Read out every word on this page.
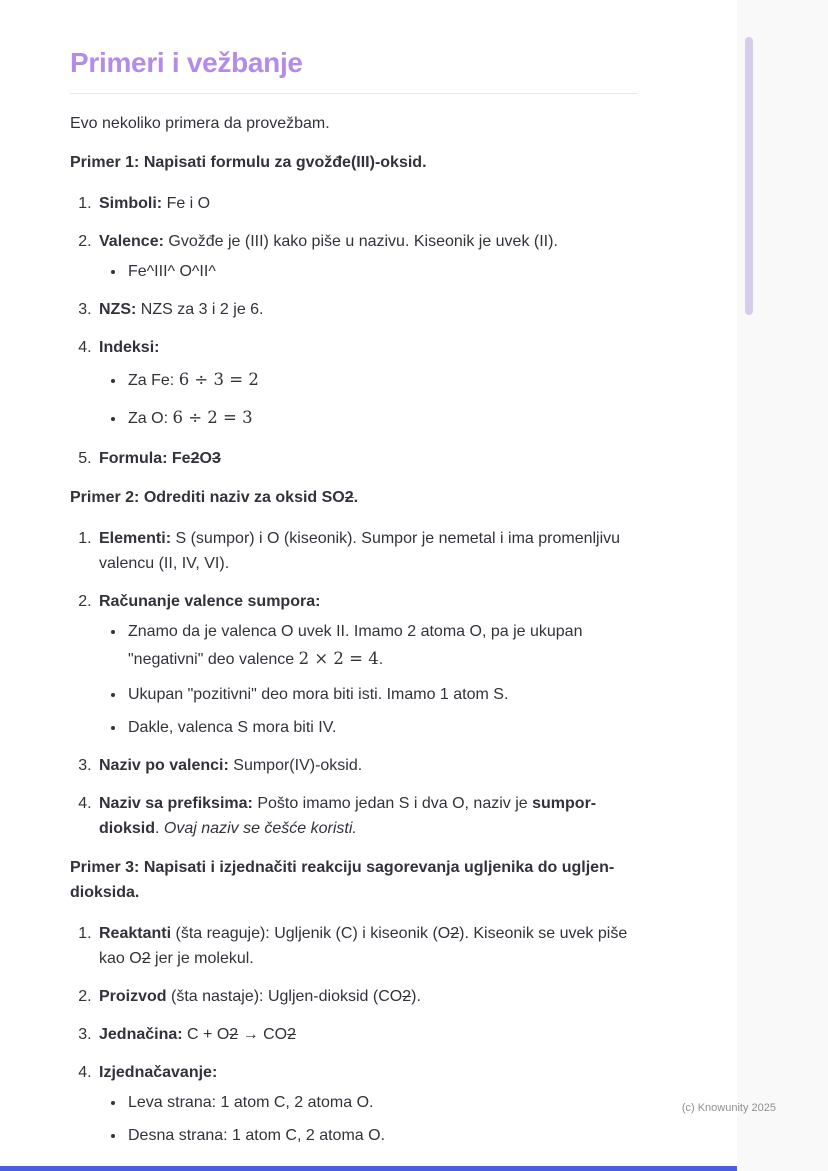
Primeri i vežbanje

Evo nekoliko primera da provežbam.

Primer 1: Napisati formulu za gvožđe(III)-oksid.
1. Simboli: Fe i O
2. Valence: Gvožđe je (III) kako piše u nazivu. Kiseonik je uvek (II).
• Fe^III^ O^II^
3. NZS: NZS za 3 i 2 je 6.
4. Indeksi:
• Za Fe: 6 ÷ 3 = 2
• Za O: 6 ÷ 2 = 3
5. Formula: Fe2O3
Primer 2: Odrediti naziv za oksid SO2.
1. Elementi: S (sumpor) i O (kiseonik). Sumpor je nemetal i ima promenljivu valencu (II, IV, VI).
2. Računanje valence sumpora:
• Znamo da je valenca O uvek II. Imamo 2 atoma O, pa je ukupan "negativni" deo valence 2 × 2 = 4.
• Ukupan "pozitivni" deo mora biti isti. Imamo 1 atom S.
• Dakle, valenca S mora biti IV.
3. Naziv po valenci: Sumpor(IV)-oksid.
4. Naziv sa prefiksima: Pošto imamo jedan S i dva O, naziv je sumpor-dioksid. Ovaj naziv se češće koristi.
Primer 3: Napisati i izjednačiti reakciju sagorevanja ugljenika do ugljen-dioksida.
1. Reaktanti (šta reaguje): Ugljenik (C) i kiseonik (O2). Kiseonik se uvek piše kao O2 jer je molekul.
2. Proizvod (šta nastaje): Ugljen-dioksid (CO2).
3. Jednačina: C + O2 → CO2
4. Izjednačavanje:
• Leva strana: 1 atom C, 2 atoma O.
• Desna strana: 1 atom C, 2 atoma O.
(c) Knowunity 2025
